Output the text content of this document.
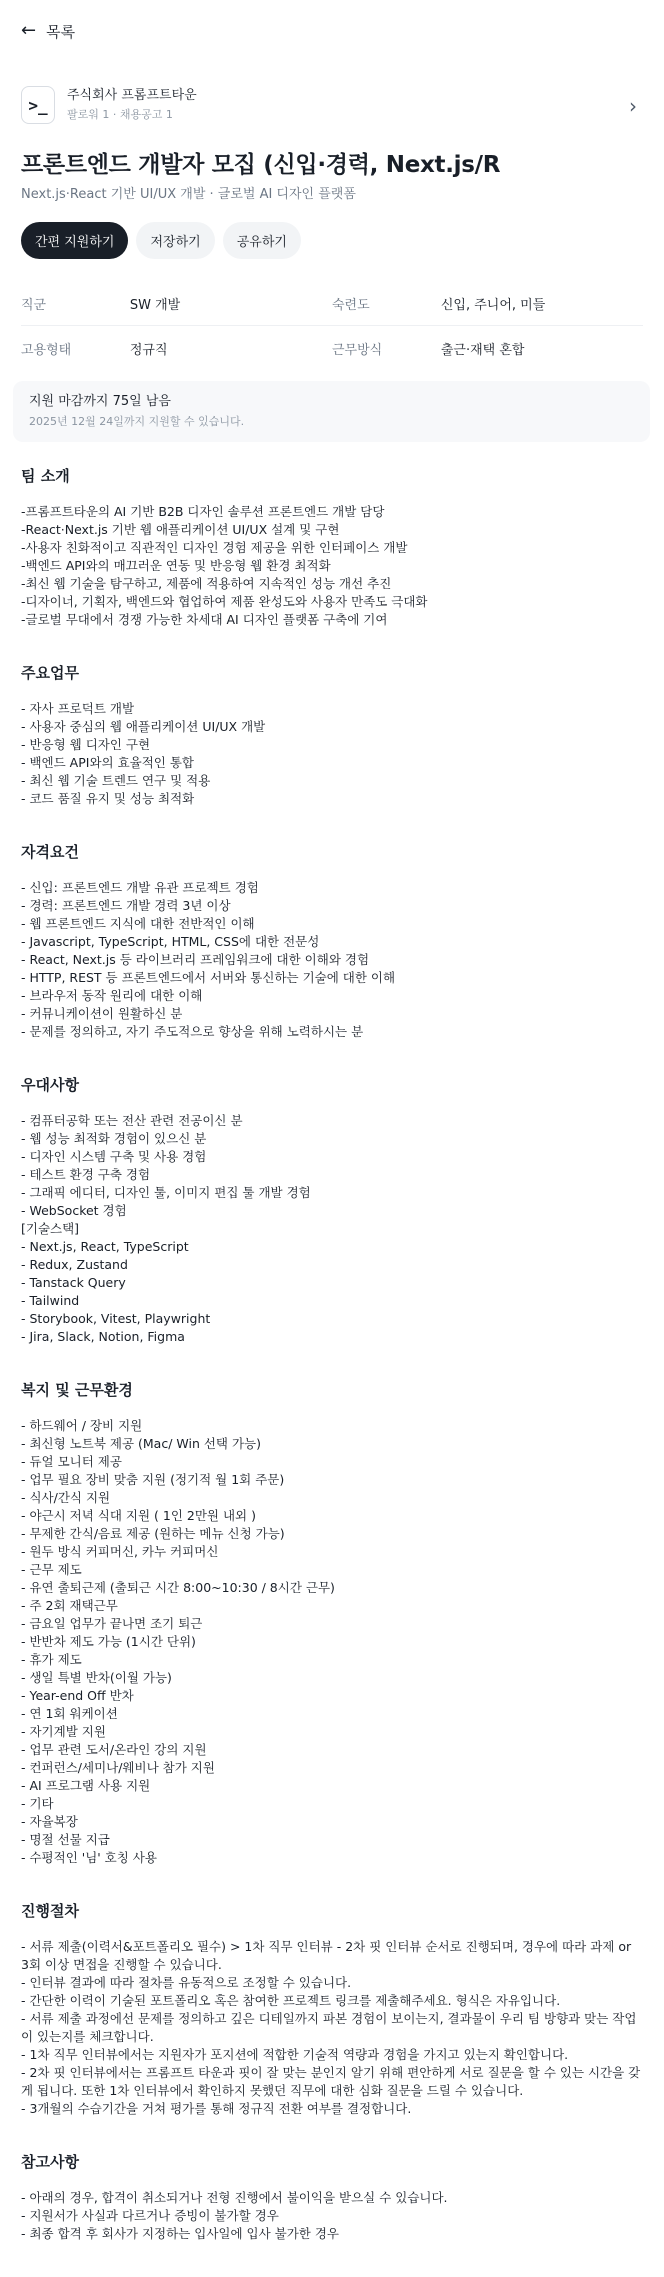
← 목록
>_	주식회사 프롬프트타운
팔로워 1 · 채용공고 1	›
프론트엔드 개발자 모집 (신입·경력, Next.js/R
Next.js·React 기반 UI/UX 개발 · 글로벌 AI 디자인 플랫폼
간편 지원하기	저장하기	공유하기
직군	SW 개발	숙련도	신입, 주니어, 미들
고용형태	정규직	근무방식	출근·재택 혼합
지원 마감까지 75일 남음
2025년 12월 24일까지 지원할 수 있습니다.
팀 소개
-프롬프트타운의 AI 기반 B2B 디자인 솔루션 프론트엔드 개발 담당
-React·Next.js 기반 웹 애플리케이션 UI/UX 설계 및 구현
-사용자 친화적이고 직관적인 디자인 경험 제공을 위한 인터페이스 개발
-백엔드 API와의 매끄러운 연동 및 반응형 웹 환경 최적화
-최신 웹 기술을 탐구하고, 제품에 적용하여 지속적인 성능 개선 추진
-디자이너, 기획자, 백엔드와 협업하여 제품 완성도와 사용자 만족도 극대화
-글로벌 무대에서 경쟁 가능한 차세대 AI 디자인 플랫폼 구축에 기여
주요업무
- 자사 프로덕트 개발
- 사용자 중심의 웹 애플리케이션 UI/UX 개발
- 반응형 웹 디자인 구현
- 백엔드 API와의 효율적인 통합
- 최신 웹 기술 트렌드 연구 및 적용
- 코드 품질 유지 및 성능 최적화
자격요건
- 신입: 프론트엔드 개발 유관 프로젝트 경험
- 경력: 프론트엔드 개발 경력 3년 이상
- 웹 프론트엔드 지식에 대한 전반적인 이해
- Javascript, TypeScript, HTML, CSS에 대한 전문성
- React, Next.js 등 라이브러리 프레임워크에 대한 이해와 경험
- HTTP, REST 등 프론트엔드에서 서버와 통신하는 기술에 대한 이해
- 브라우저 동작 원리에 대한 이해
- 커뮤니케이션이 원활하신 분
- 문제를 정의하고, 자기 주도적으로 향상을 위해 노력하시는 분
우대사항
- 컴퓨터공학 또는 전산 관련 전공이신 분
- 웹 성능 최적화 경험이 있으신 분
- 디자인 시스템 구축 및 사용 경험
- 테스트 환경 구축 경험
- 그래픽 에디터, 디자인 툴, 이미지 편집 툴 개발 경험
- WebSocket 경험
[기술스택]
- Next.js, React, TypeScript
- Redux, Zustand
- Tanstack Query
- Tailwind
- Storybook, Vitest, Playwright
- Jira, Slack, Notion, Figma
복지 및 근무환경
- 하드웨어 / 장비 지원
- 최신형 노트북 제공 (Mac/ Win 선택 가능)
- 듀얼 모니터 제공
- 업무 필요 장비 맞춤 지원 (정기적 월 1회 주문)
- 식사/간식 지원
- 야근시 저녁 식대 지원 ( 1인 2만원 내외 )
- 무제한 간식/음료 제공 (원하는 메뉴 신청 가능)
- 원두 방식 커피머신, 카누 커피머신
- 근무 제도
- 유연 출퇴근제 (출퇴근 시간 8:00~10:30 / 8시간 근무)
- 주 2회 재택근무
- 금요일 업무가 끝나면 조기 퇴근
- 반반차 제도 가능 (1시간 단위)
- 휴가 제도
- 생일 특별 반차(이월 가능)
- Year-end Off 반차
- 연 1회 워케이션
- 자기계발 지원
- 업무 관련 도서/온라인 강의 지원
- 컨퍼런스/세미나/웨비나 참가 지원
- AI 프로그램 사용 지원
- 기타
- 자율복장
- 명절 선물 지급
- 수평적인 '님' 호칭 사용
진행절차
- 서류 제출(이력서&포트폴리오 필수) > 1차 직무 인터뷰 - 2차 핏 인터뷰 순서로 진행되며, 경우에 따라 과제 or 3회 이상 면접을 진행할 수 있습니다.
- 인터뷰 결과에 따라 절차를 유동적으로 조정할 수 있습니다.
- 간단한 이력이 기술된 포트폴리오 혹은 참여한 프로젝트 링크를 제출해주세요. 형식은 자유입니다.
- 서류 제출 과정에선 문제를 정의하고 깊은 디테일까지 파본 경험이 보이는지, 결과물이 우리 팀 방향과 맞는 작업이 있는지를 체크합니다.
- 1차 직무 인터뷰에서는 지원자가 포지션에 적합한 기술적 역량과 경험을 가지고 있는지 확인합니다.
- 2차 핏 인터뷰에서는 프롬프트 타운과 핏이 잘 맞는 분인지 알기 위해 편안하게 서로 질문을 할 수 있는 시간을 갖게 됩니다. 또한 1차 인터뷰에서 확인하지 못했던 직무에 대한 심화 질문을 드릴 수 있습니다.
- 3개월의 수습기간을 거쳐 평가를 통해 정규직 전환 여부를 결정합니다.
참고사항
- 아래의 경우, 합격이 취소되거나 전형 진행에서 불이익을 받으실 수 있습니다.
- 지원서가 사실과 다르거나 증빙이 불가할 경우
- 최종 합격 후 회사가 지정하는 입사일에 입사 불가한 경우
